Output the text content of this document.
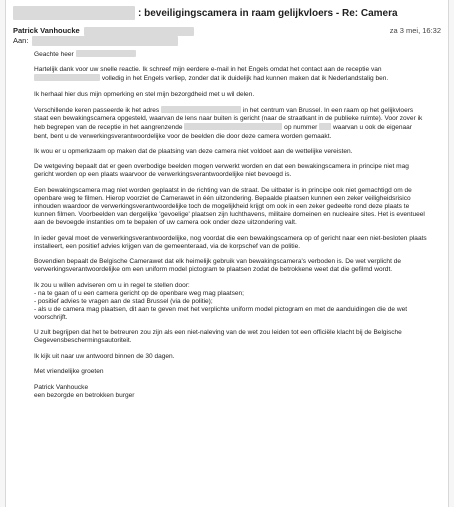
: beveiligingscamera in raam gelijkvloers - Re: Camera
Patrick Vanhoucke	za 3 mei, 16:32
Aan:

Geachte heer

Hartelijk dank voor uw snelle reactie. Ik schreef mijn eerdere e-mail in het Engels omdat het contact aan de receptie van  volledig in het Engels verliep, zonder dat ik duidelijk had kunnen maken dat ik Nederlandstalig ben.

Ik herhaal hier dus mijn opmerking en stel mijn bezorgdheid met u wil delen.

Verschillende keren passeerde ik het adres	in het centrum van Brussel. In een raam op het gelijkvloers staat een bewakingscamera opgesteld, waarvan de lens naar buiten is gericht (naar de straatkant in de publieke ruimte). Voor zover ik heb begrepen van de receptie in het aangrenzende	op nummer waarvan u ook de eigenaar bent, bent u de verwerkingsverantwoordelijke voor de beelden die door deze camera worden gemaakt.

Ik wou er u opmerkzaam op maken dat de plaatsing van deze camera niet voldoet aan de wettelijke vereisten.

De wetgeving bepaalt dat er geen overbodige beelden mogen verwerkt worden en dat een bewakingscamera in principe niet mag gericht worden op een plaats waarvoor de verwerkingsverantwoordelijke niet bevoegd is.

Een bewakingscamera mag niet worden geplaatst in de richting van de straat. De uitbater is in principe ook niet gemachtigd om de openbare weg te filmen. Hierop voorziet de Camerawet in één uitzondering. Bepaalde plaatsen kunnen een zeker veiligheidsrisico inhouden waardoor de verwerkingsverantwoordelijke toch de mogelijkheid krijgt om ook in een zeker gedeelte rond deze plaats te kunnen filmen. Voorbeelden van dergelijke 'gevoelige' plaatsen zijn luchthavens, militaire domeinen en nucleaire sites. Het is eventueel aan de bevoegde instanties om te bepalen of uw camera ook onder deze uitzondering valt.

In ieder geval moet de verwerkingsverantwoordelijke, nog voordat die een bewakingscamera op of gericht naar een niet-besloten plaats installeert, een positief advies krijgen van de gemeenteraad, via de korpschef van de politie.

Bovendien bepaalt de Belgische Camerawet dat elk heimelijk gebruik van bewakingscamera's verboden is. De wet verplicht de verwerkingsverantwoordelijke om een uniform model pictogram te plaatsen zodat de betrokkene weet dat die gefilmd wordt.

Ik zou u willen adviseren om u in regel te stellen door:
- na te gaan of u een camera gericht op de openbare weg mag plaatsen;
- positief advies te vragen aan de stad Brussel (via de politie);
- als u de camera mag plaatsen, dit aan te geven met het verplichte uniform model pictogram en met de aanduidingen die de wet voorschrijft.

U zult begrijpen dat het te betreuren zou zijn als een niet-naleving van de wet zou leiden tot een officiële klacht bij de Belgische Gegevensbeschermingsautoriteit.

Ik kijk uit naar uw antwoord binnen de 30 dagen.

Met vriendelijke groeten

Patrick Vanhoucke
een bezorgde en betrokken burger
